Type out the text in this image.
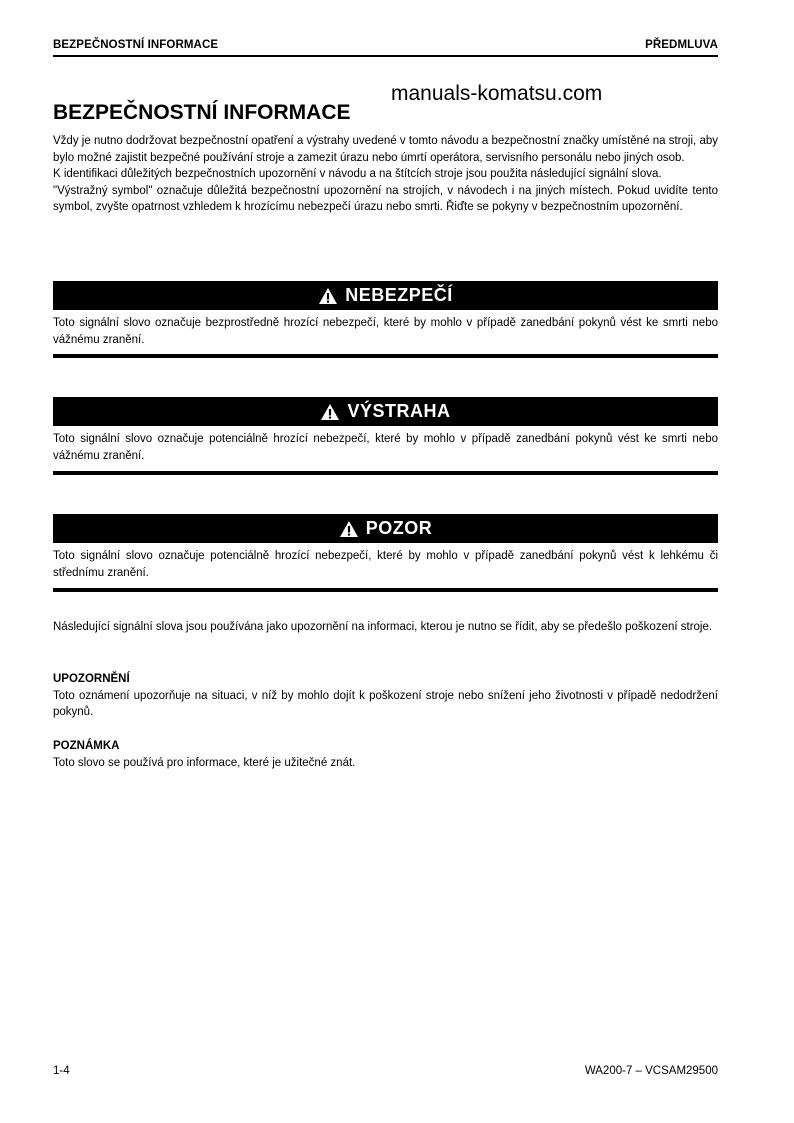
BEZPEČNOSTNÍ INFORMACE	PŘEDMLUVA
BEZPEČNOSTNÍ INFORMACE
manuals-komatsu.com

Vždy je nutno dodržovat bezpečnostní opatření a výstrahy uvedené v tomto návodu a bezpečnostní značky umístěné na stroji, aby bylo možné zajistit bezpečné používání stroje a zamezit úrazu nebo úmrtí operátora, servisního personálu nebo jiných osob.

K identifikaci důležitých bezpečnostních upozornění v návodu a na štítcích stroje jsou použita následující signální slova.

"Výstražný symbol" označuje důležitá bezpečnostní upozornění na strojích, v návodech i na jiných místech. Pokud uvidíte tento symbol, zvyšte opatrnost vzhledem k hrozícímu nebezpečí úrazu nebo smrti. Řiďte se pokyny v bezpečnostním upozornění.

NEBEZPEČÍ

Toto signální slovo označuje bezprostředně hrozící nebezpečí, které by mohlo v případě zanedbání pokynů vést ke smrti nebo vážnému zranění.

VÝSTRAHA

Toto signální slovo označuje potenciálně hrozící nebezpečí, které by mohlo v případě zanedbání pokynů vést ke smrti nebo vážnému zranění.

POZOR

Toto signální slovo označuje potenciálně hrozící nebezpečí, které by mohlo v případě zanedbání pokynů vést k lehkému či střednímu zranění.

Následující signální slova jsou používána jako upozornění na informaci, kterou je nutno se řídit, aby se předešlo poškození stroje.

UPOZORNĚNÍ

Toto oznámení upozorňuje na situaci, v níž by mohlo dojít k poškození stroje nebo snížení jeho životnosti v případě nedodržení pokynů.

POZNÁMKA

Toto slovo se používá pro informace, které je užitečné znát.

1-4	WA200-7 – VCSAM29500
